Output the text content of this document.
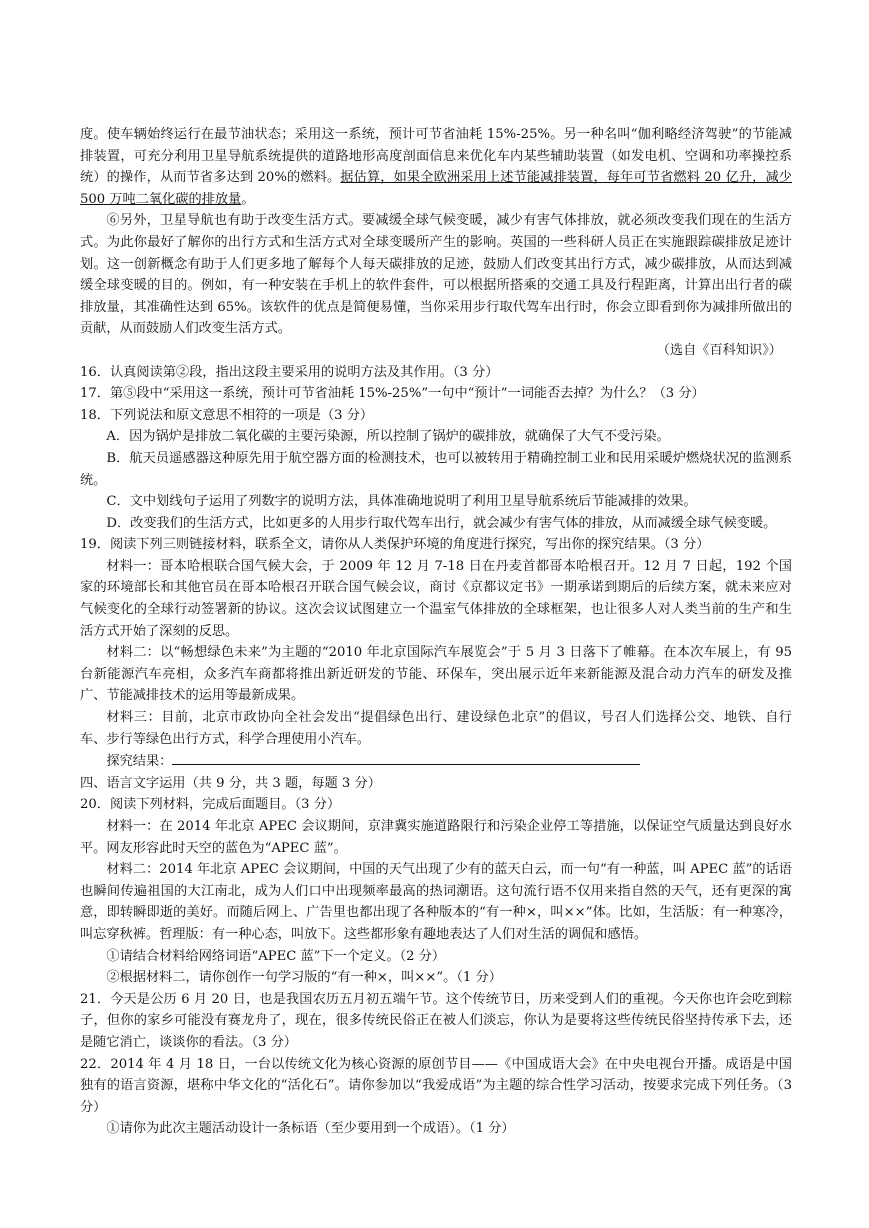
度。使车辆始终运行在最节油状态；采用这一系统，预计可节省油耗 15%-25%。另一种名叫“伽利略经济驾驶”的节能减排装置，可充分利用卫星导航系统提供的道路地形高度剖面信息来优化车内某些辅助装置（如发电机、空调和功率操控系统）的操作，从而节省多达到 20%的燃料。据估算，如果全欧洲采用上述节能减排装置，每年可节省燃料 20 亿升，减少 500 万吨二氧化碳的排放量。

⑥另外，卫星导航也有助于改变生活方式。要减缓全球气候变暖，减少有害气体排放，就必须改变我们现在的生活方式。为此你最好了解你的出行方式和生活方式对全球变暖所产生的影响。英国的一些科研人员正在实施跟踪碳排放足迹计划。这一创新概念有助于人们更多地了解每个人每天碳排放的足迹，鼓励人们改变其出行方式，减少碳排放，从而达到减缓全球变暖的目的。例如，有一种安装在手机上的软件套件，可以根据所搭乘的交通工具及行程距离，计算出出行者的碳排放量，其准确性达到 65%。该软件的优点是简便易懂，当你采用步行取代驾车出行时，你会立即看到你为减排所做出的贡献，从而鼓励人们改变生活方式。

（选自《百科知识》）

16．认真阅读第②段，指出这段主要采用的说明方法及其作用。（3 分）

17．第⑤段中“采用这一系统，预计可节省油耗 15%-25%”一句中“预计”一词能否去掉？为什么？（3 分）

18．下列说法和原文意思不相符的一项是（3 分）

A．因为锅炉是排放二氧化碳的主要污染源，所以控制了锅炉的碳排放，就确保了大气不受污染。

B．航天员遥感器这种原先用于航空器方面的检测技术，也可以被转用于精确控制工业和民用采暖炉燃烧状况的监测系统。

C．文中划线句子运用了列数字的说明方法，具体准确地说明了利用卫星导航系统后节能减排的效果。

D．改变我们的生活方式，比如更多的人用步行取代驾车出行，就会减少有害气体的排放，从而减缓全球气候变暖。

19．阅读下列三则链接材料，联系全文，请你从人类保护环境的角度进行探究，写出你的探究结果。（3 分）

材料一：哥本哈根联合国气候大会，于 2009 年 12 月 7-18 日在丹麦首都哥本哈根召开。12 月 7 日起，192 个国家的环境部长和其他官员在哥本哈根召开联合国气候会议，商讨《京都议定书》一期承诺到期后的后续方案，就未来应对气候变化的全球行动签署新的协议。这次会议试图建立一个温室气体排放的全球框架，也让很多人对人类当前的生产和生活方式开始了深刻的反思。

材料二：以“畅想绿色未来”为主题的“2010 年北京国际汽车展览会”于 5 月 3 日落下了帷幕。在本次车展上，有 95 台新能源汽车亮相，众多汽车商都将推出新近研发的节能、环保车，突出展示近年来新能源及混合动力汽车的研发及推广、节能减排技术的运用等最新成果。

材料三：目前，北京市政协向全社会发出“提倡绿色出行、建设绿色北京”的倡议，号召人们选择公交、地铁、自行车、步行等绿色出行方式，科学合理使用小汽车。

探究结果：

四、语言文字运用（共 9 分，共 3 题，每题 3 分）

20．阅读下列材料，完成后面题目。（3 分）

材料一：在 2014 年北京 APEC 会议期间，京津冀实施道路限行和污染企业停工等措施，以保证空气质量达到良好水平。网友形容此时天空的蓝色为“APEC 蓝”。

材料二：2014 年北京 APEC 会议期间，中国的天气出现了少有的蓝天白云，而一句“有一种蓝，叫 APEC 蓝”的话语也瞬间传遍祖国的大江南北，成为人们口中出现频率最高的热词潮语。这句流行语不仅用来指自然的天气，还有更深的寓意，即转瞬即逝的美好。而随后网上、广告里也都出现了各种版本的“有一种×，叫××”体。比如，生活版：有一种寒冷，叫忘穿秋裤。哲理版：有一种心态，叫放下。这些都形象有趣地表达了人们对生活的调侃和感悟。

①请结合材料给网络词语“APEC 蓝”下一个定义。（2 分）

②根据材料二，请你创作一句学习版的“有一种×，叫××”。（1 分）

21．今天是公历 6 月 20 日，也是我国农历五月初五端午节。这个传统节日，历来受到人们的重视。今天你也许会吃到粽子，但你的家乡可能没有赛龙舟了，现在，很多传统民俗正在被人们淡忘，你认为是要将这些传统民俗坚持传承下去，还是随它消亡，谈谈你的看法。（3 分）

22．2014 年 4 月 18 日，一台以传统文化为核心资源的原创节目——《中国成语大会》在中央电视台开播。成语是中国独有的语言资源，堪称中华文化的“活化石”。请你参加以“我爱成语”为主题的综合性学习活动，按要求完成下列任务。（3 分）

①请你为此次主题活动设计一条标语（至少要用到一个成语）。（1 分）
